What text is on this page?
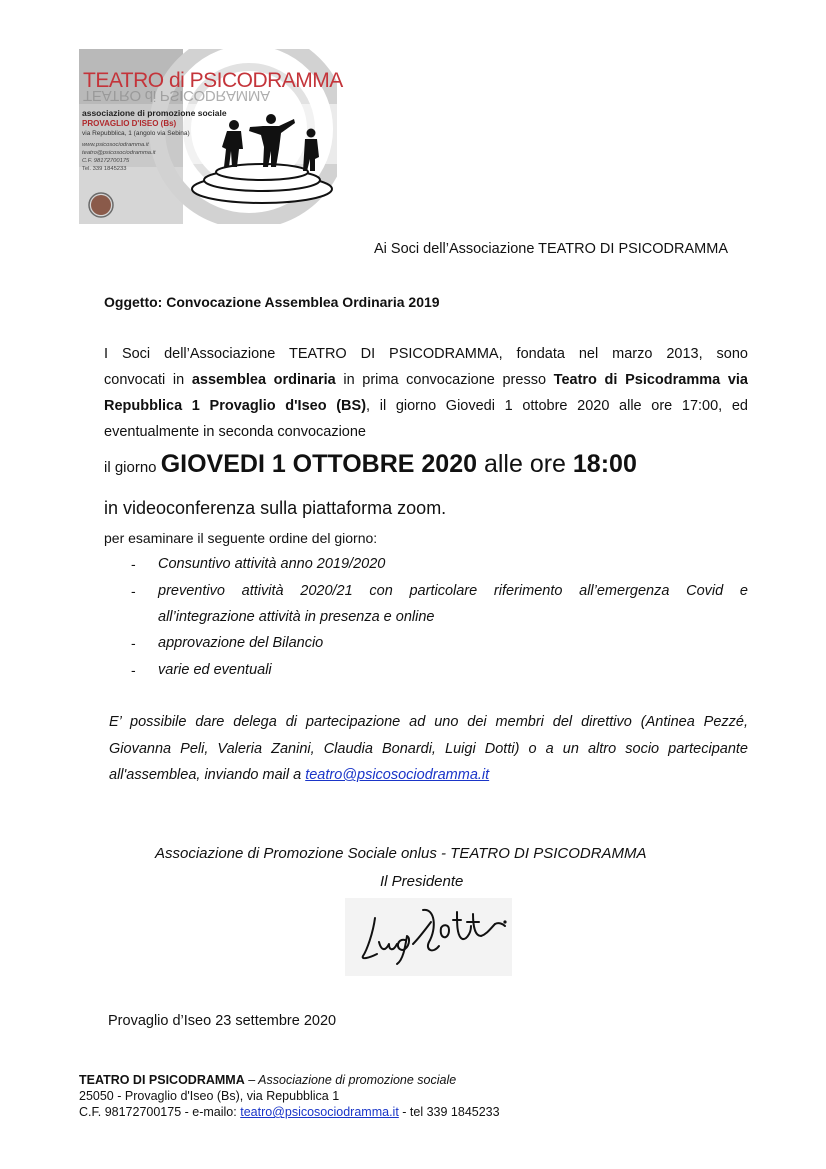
TEATRO di PSICODRAMMA
TEATRO di PSICODRAMMA
associazione di promozione sociale
PROVAGLIO D'ISEO (Bs)
via Repubblica, 1 (angolo via Sebina)
www.psicosociodramma.it
teatro@psicosociodramma.it
C.F. 98172700175
Tel. 339 1845233
Ai Soci dell’Associazione TEATRO DI PSICODRAMMA
Oggetto: Convocazione Assemblea Ordinaria 2019
I Soci dell’Associazione TEATRO DI PSICODRAMMA, fondata nel marzo 2013, sono
convocati in assemblea ordinaria in prima convocazione presso Teatro di Psicodramma via
Repubblica 1 Provaglio d'Iseo (BS), il giorno Giovedi 1 ottobre 2020 alle ore 17:00, ed
eventualmente in seconda convocazione
il giorno GIOVEDI 1 OTTOBRE 2020 alle ore 18:00
in videoconferenza sulla piattaforma zoom.
per esaminare il seguente ordine del giorno:
- Consuntivo attività anno 2019/2020
- preventivo attività 2020/21 con particolare riferimento all’emergenza Covid e
all’integrazione attività in presenza e online
- approvazione del Bilancio
- varie ed eventuali
E’ possibile dare delega di partecipazione ad uno dei membri del direttivo (Antinea Pezzé,
Giovanna Peli, Valeria Zanini, Claudia Bonardi, Luigi Dotti) o a un altro socio partecipante
all'assemblea, inviando mail a teatro@psicosociodramma.it
Associazione di Promozione Sociale onlus - TEATRO DI PSICODRAMMA
Il Presidente
Provaglio d’Iseo 23 settembre 2020
TEATRO DI PSICODRAMMA – Associazione di promozione sociale
25050 - Provaglio d'Iseo (Bs), via Repubblica 1
C.F. 98172700175 - e-mailo: teatro@psicosociodramma.it - tel 339 1845233
